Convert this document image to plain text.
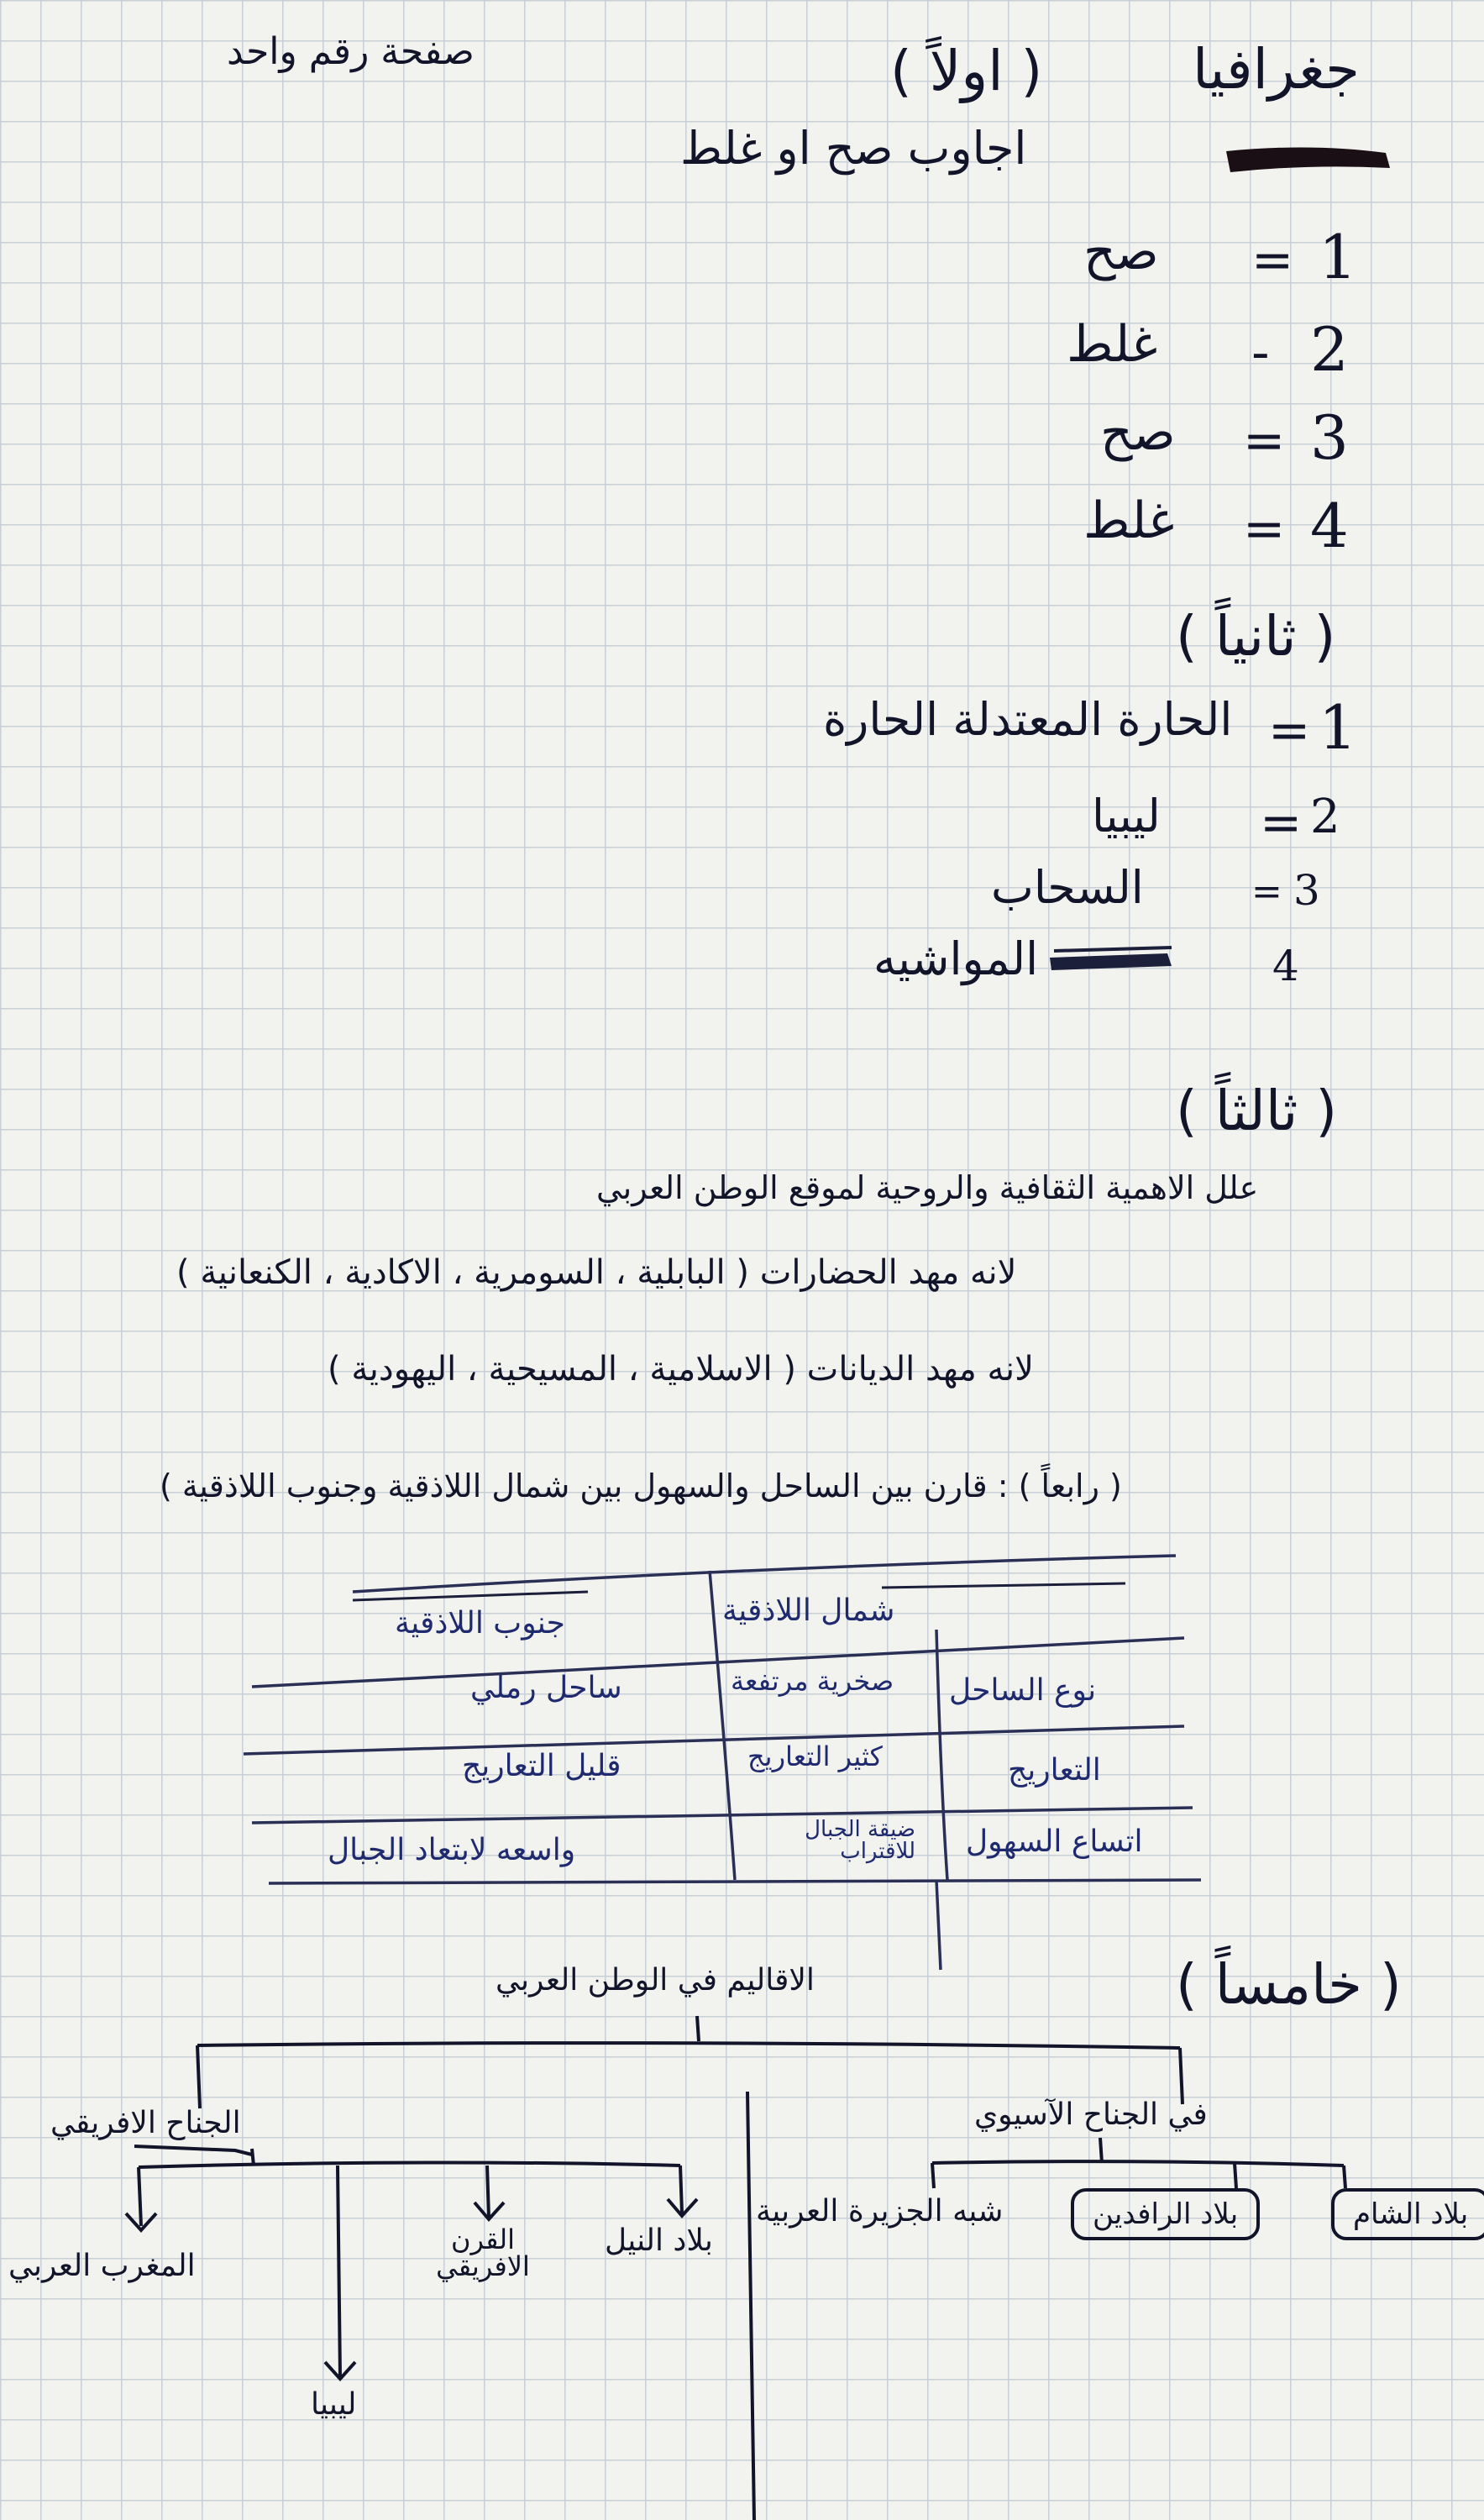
صفحة رقم واحد	جغرافيا
( اولاً )
اجاوب صح او غلط
1
صح =
2
غلط -
3
صح =
4
غلط =
( ثانياً )
1
=
الحارة المعتدلة الحارة
2
=
ليبيا
3
=
السحاب
4
المواشيه
( ثالثاً )
علل الاهمية الثقافية والروحية لموقع الوطن العربي
لانه مهد الحضارات ( البابلية ، السومرية ، الاكادية ، الكنعانية )
لانه مهد الديانات ( الاسلامية ، المسيحية ، اليهودية )
( رابعاً ) : قارن بين الساحل والسهول بين شمال اللاذقية وجنوب اللاذقية )
شمال اللاذقية
جنوب اللاذقية
نوع الساحل
صخرية مرتفعة
ساحل رملي
التعاريج
كثير التعاريج
قليل التعاريج
اتساع السهول
ضيقة الجبال للاقتراب
واسعه لابتعاد الجبال
( خامساً )
الاقاليم في الوطن العربي
في الجناح الآسيوي
الجناح الافريقي
بلاد الشام
بلاد الرافدين
شبه الجزيرة العربية
بلاد النيل
القرن الافريقي
ليبيا
المغرب العربي
